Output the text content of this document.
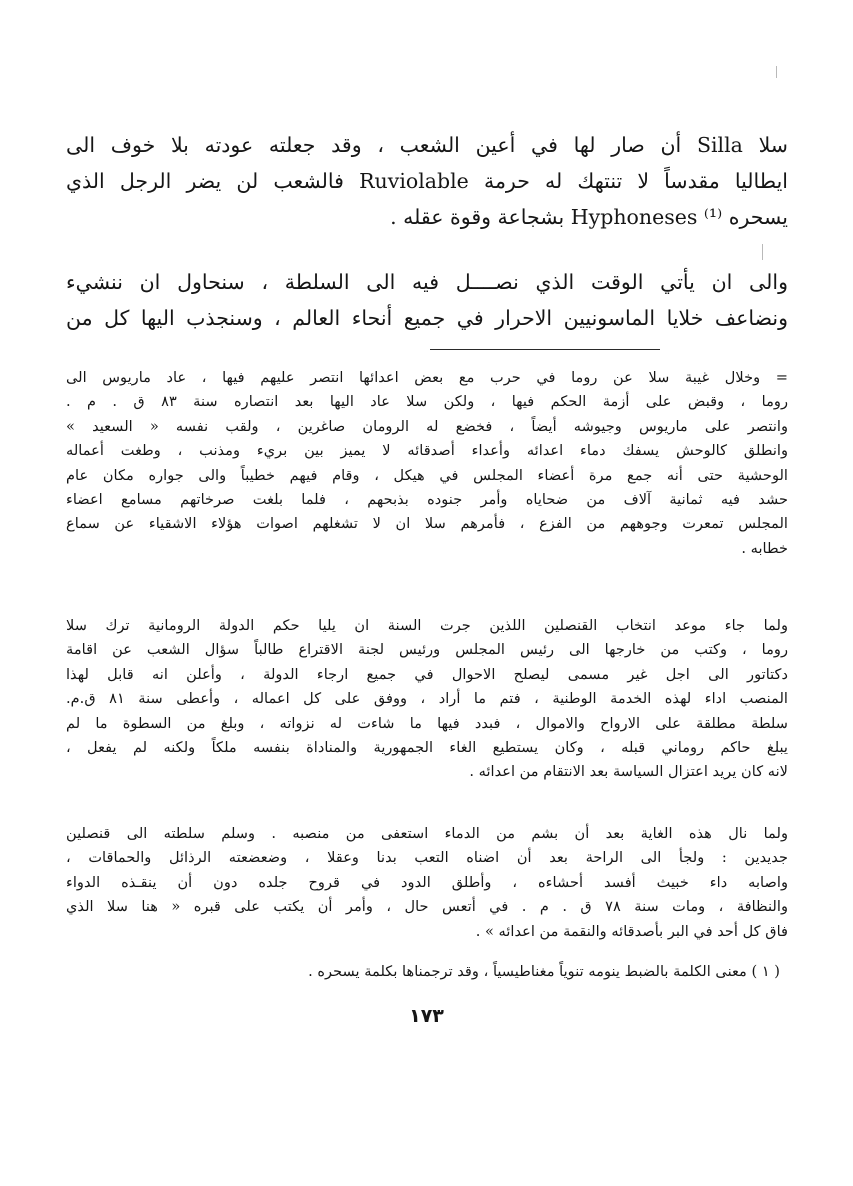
سلا Silla أن صار لها في أعين الشعب ، وقد جعلته عودته بلا خوف الى
ايطاليا مقدساً لا تنتهك له حرمة Ruviolable فالشعب لن يضر الرجل الذي
يسحره Hyphoneses ⁽¹⁾ بشجاعة وقوة عقله .
والى ان يأتي الوقت الذي نصــــل فيه الى السلطة ، سنحاول ان ننشيء
ونضاعف خلايا الماسونيين الاحرار في جميع أنحاء العالم ، وسنجذب اليها كل من
= وخلال غيبة سلا عن روما في حرب مع بعض اعدائها انتصر عليهم فيها ، عاد ماريوس الى
روما ، وقبض على أزمة الحكم فيها ، ولكن سلا عاد اليها بعد انتصاره سنة ٨٣ ق . م .
وانتصر على ماريوس وجيوشه أيضاً ، فخضع له الرومان صاغرين ، ولقب نفسه « السعيد »
وانطلق كالوحش يسفك دماء اعدائه وأعداء أصدقائه لا يميز بين بريء ومذنب ، وطغت أعماله
الوحشية حتى أنه جمع مرة أعضاء المجلس في هيكل ، وقام فيهم خطيباً والى جواره مكان عام
حشد فيه ثمانية آلاف من ضحاياه وأمر جنوده بذبحهم ، فلما بلغت صرخاتهم مسامع اعضاء
المجلس تمعرت وجوههم من الفزع ، فأمرهم سلا ان لا تشغلهم اصوات هؤلاء الاشقياء عن سماع
خطابه .
ولما جاء موعد انتخاب القنصلين اللذين جرت السنة ان يليا حكم الدولة الرومانية ترك سلا
روما ، وكتب من خارجها الى رئيس المجلس ورئيس لجنة الاقتراع طالباً سؤال الشعب عن اقامة
دكتاتور الى اجل غير مسمى ليصلح الاحوال في جميع ارجاء الدولة ، وأعلن انه قابل لهذا
المنصب اداء لهذه الخدمة الوطنية ، فتم ما أراد ، ووفق على كل اعماله ، وأعطى سنة ٨١ ق.م.
سلطة مطلقة على الارواح والاموال ، فبدد فيها ما شاءت له نزواته ، وبلغ من السطوة ما لم
يبلغ حاكم روماني قبله ، وكان يستطيع الغاء الجمهورية والمناداة بنفسه ملكاً ولكنه لم يفعل ،
لانه كان يريد اعتزال السياسة بعد الانتقام من اعدائه .
ولما نال هذه الغاية بعد أن بشم من الدماء استعفى من منصبه . وسلم سلطته الى قنصلين
جديدين : ولجأ الى الراحة بعد أن اضناه التعب بدنا وعقلا ، وضعضعته الرذائل والحماقات ،
واصابه داء خبيث أفسد أحشاءه ، وأطلق الدود في قروح جلده دون أن ينقـذه الدواء
والنظافة ، ومات سنة ٧٨ ق . م . في أتعس حال ، وأمر أن يكتب على قبره « هنا سلا الذي
فاق كل أحد في البر بأصدقائه والنقمة من اعدائه » .
( ١ ) معنى الكلمة بالضبط ينومه تنوياً مغناطيسياً ، وقد ترجمناها بكلمة يسحره .
١٧٣
